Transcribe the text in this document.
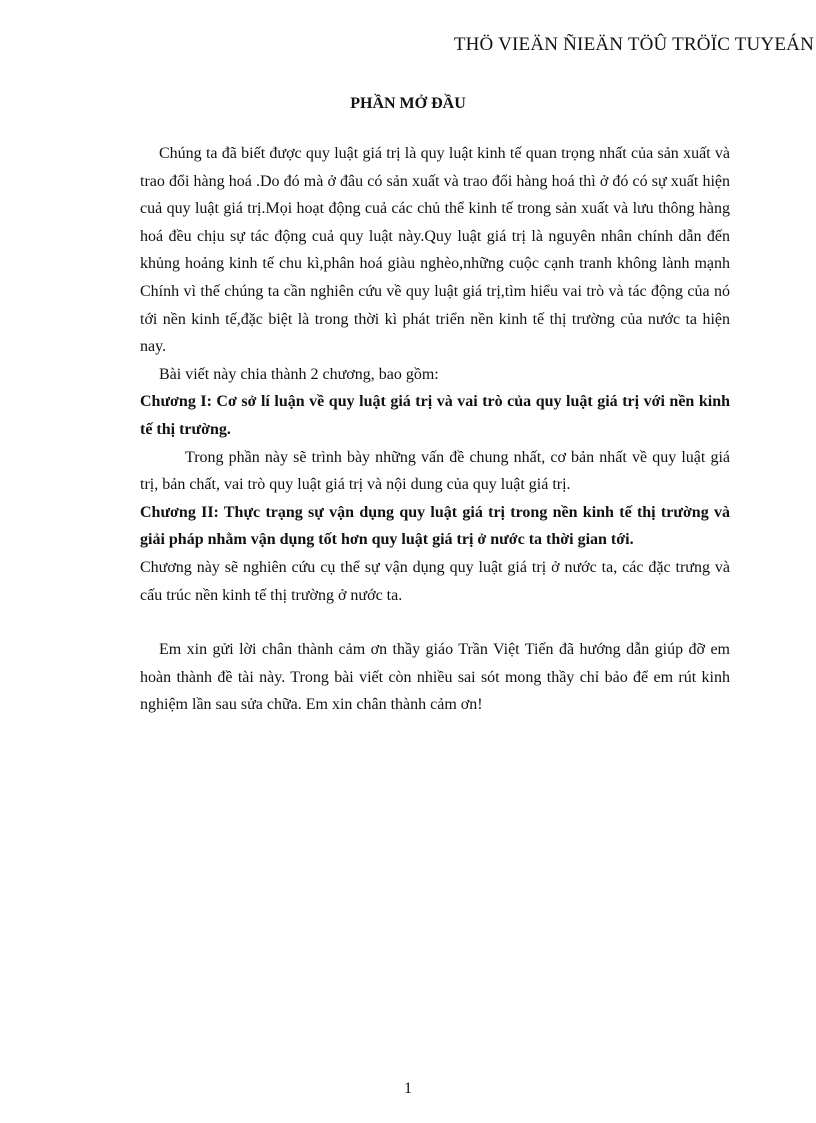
THÖ VIEÄN ÑIEÄN TÖÛ TRÖÏC TUYEÁN
PHẦN MỞ ĐẦU

Chúng ta đã biết được quy luật giá trị là quy luật kinh tế quan trọng nhất của sản xuất và trao đổi hàng hoá .Do đó mà ở đâu có sản xuất và trao đổi hàng hoá thì ở đó có sự xuất hiện cuả quy luật giá trị.Mọi hoạt động cuả các chủ thể kinh tế trong sản xuất và lưu thông hàng hoá đều chịu sự tác động cuả quy luật này.Quy luật giá trị là nguyên nhân chính dẫn đến khủng hoảng kinh tế chu kì,phân hoá giàu nghèo,những cuộc cạnh tranh không lành mạnh Chính vì thế chúng ta cần nghiên cứu về quy luật giá trị,tìm hiểu vai trò và tác động của nó tới nền kinh tế,đặc biệt là trong thời kì phát triển nền kinh tế thị trường của nước ta hiện nay.

Bài viết này chia thành 2 chương, bao gồm:

Chương I: Cơ sở lí luận về quy luật giá trị và vai trò của quy luật giá trị với nền kinh tế thị trường.

Trong phần này sẽ trình bày những vấn đề chung nhất, cơ bản nhất về quy luật giá trị, bản chất, vai trò quy luật giá trị và nội dung của quy luật giá trị.

Chương II: Thực trạng sự vận dụng quy luật giá trị trong nền kinh tế thị trường và giải pháp nhằm vận dụng tốt hơn quy luật giá trị ở nước ta thời gian tới.

Chương này sẽ nghiên cứu cụ thể sự vận dụng quy luật giá trị ở nước ta, các đặc trưng và cấu trúc nền kinh tế thị trường ở nước ta.

Em xin gửi lời chân thành cảm ơn thầy giáo Trần Việt Tiến đã hướng dẫn giúp đỡ em hoàn thành đề tài này. Trong bài viết còn nhiều sai sót mong thầy chỉ bảo để em rút kinh nghiệm lần sau sửa chữa. Em xin chân thành cảm ơn!

1
